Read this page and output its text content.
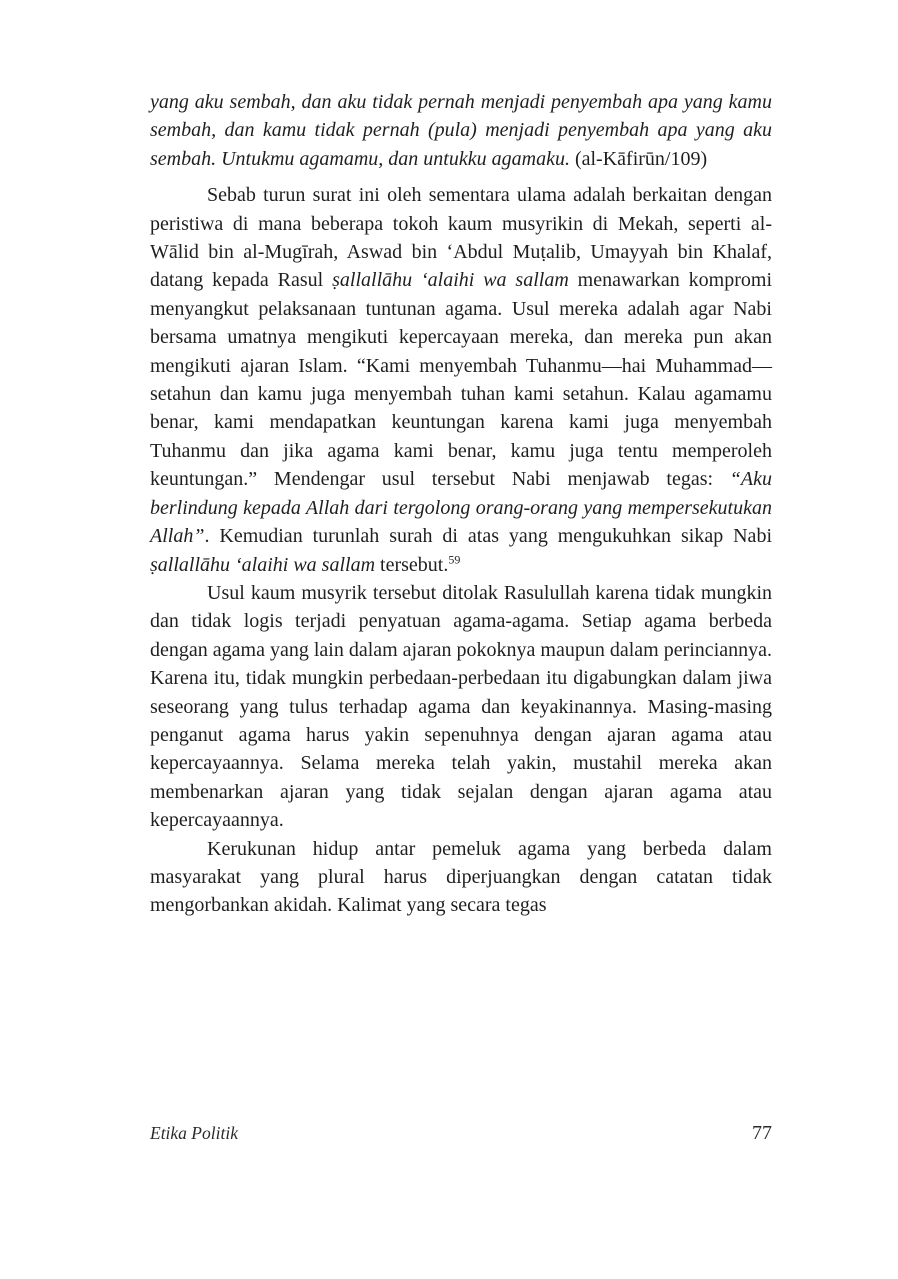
yang aku sembah, dan aku tidak pernah menjadi penyembah apa yang kamu sembah, dan kamu tidak pernah (pula) menjadi penyembah apa yang aku sembah. Untukmu agamamu, dan untukku agamaku. (al-Kāfirūn/109)

Sebab turun surat ini oleh sementara ulama adalah berkaitan dengan peristiwa di mana beberapa tokoh kaum musyrikin di Mekah, seperti al-Wālid bin al-Mugīrah, Aswad bin ‘Abdul Muṭalib, Umayyah bin Khalaf, datang kepada Rasul ṣallallāhu ‘alaihi wa sallam menawarkan kompromi menyangkut pelaksanaan tuntunan agama. Usul mereka adalah agar Nabi bersama umatnya mengikuti kepercayaan mereka, dan mereka pun akan mengikuti ajaran Islam. “Kami menyembah Tuhanmu—hai Muhammad—setahun dan kamu juga menyembah tuhan kami setahun. Kalau agamamu benar, kami mendapatkan keuntungan karena kami juga menyembah Tuhanmu dan jika agama kami benar, kamu juga tentu memperoleh keuntungan.” Mendengar usul tersebut Nabi menjawab tegas: “Aku berlindung kepada Allah dari tergolong orang-orang yang mempersekutukan Allah”. Kemudian turunlah surah di atas yang mengukuhkan sikap Nabi ṣallallāhu ‘alaihi wa sallam tersebut.$^{59}$

Usul kaum musyrik tersebut ditolak Rasulullah karena tidak mungkin dan tidak logis terjadi penyatuan agama-agama. Setiap agama berbeda dengan agama yang lain dalam ajaran pokoknya maupun dalam perinciannya. Karena itu, tidak mungkin perbedaan-perbedaan itu digabungkan dalam jiwa seseorang yang tulus terhadap agama dan keyakinannya. Masing-masing penganut agama harus yakin sepenuhnya dengan ajaran agama atau kepercayaannya. Selama mereka telah yakin, mustahil mereka akan membenarkan ajaran yang tidak sejalan dengan ajaran agama atau kepercayaannya.

Kerukunan hidup antar pemeluk agama yang berbeda dalam masyarakat yang plural harus diperjuangkan dengan catatan tidak mengorbankan akidah. Kalimat yang secara tegas

Etika Politik	77
